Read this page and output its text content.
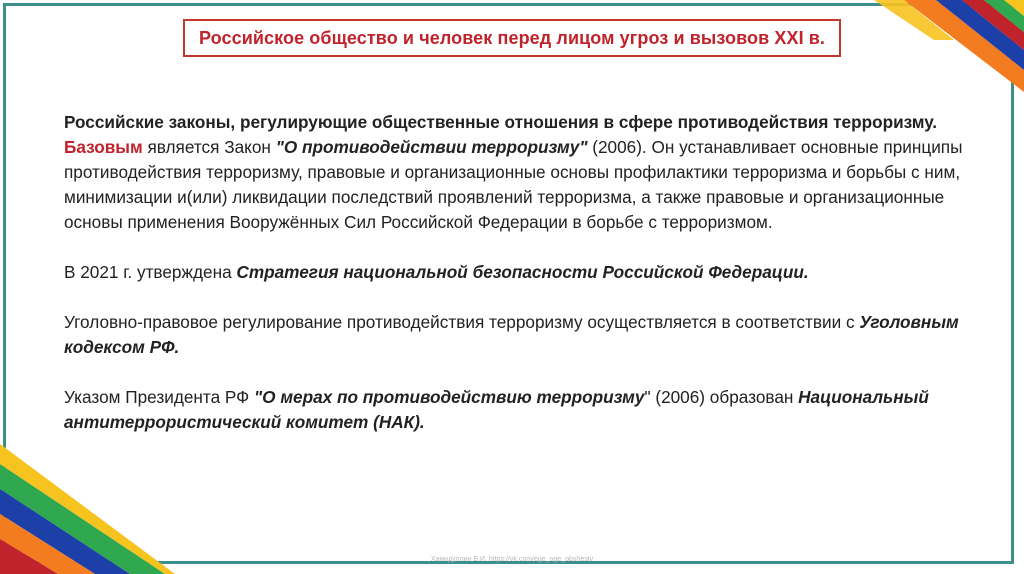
Российское общество и человек перед лицом угроз и вызовов XXI в.

Российские законы, регулирующие общественные отношения в сфере противодействия терроризму.

Базовым является Закон "О противодействии терроризму" (2006). Он устанавливает основные принципы противодействия терроризму, правовые и организационные основы профилактики терроризма и борьбы с ним, минимизации и(или) ликвидации последствий проявлений терроризма, а также правовые и организационные основы применения Вооружённых Сил Российской Федерации в борьбе с терроризмом.

В 2021 г. утверждена Стратегия национальной безопасности Российской Федерации.

Уголовно-правовое регулирование противодействия терроризму осуществляется в соответствии с Уголовным кодексом РФ.

Указом Президента РФ "О мерах по противодействию терроризму" (2006) образован Национальный антитеррористический комитет (НАК).

Хамидуллин Б.И. https://vk.com/ege_oge_obshestv
